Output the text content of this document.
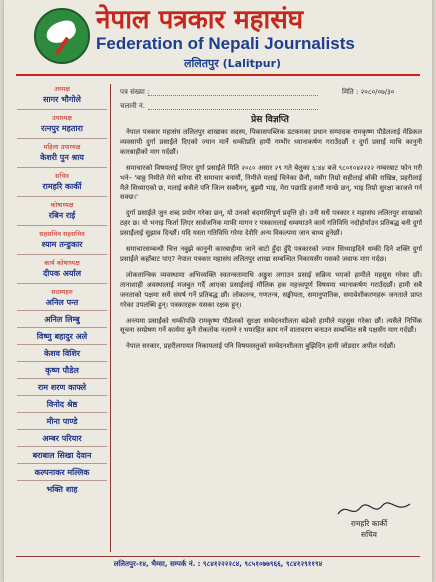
नेपाल पत्रकार महासंघ
Federation of Nepali Journalists
ललितपुर (Lalitpur)
अध्यक्ष
सागर भौगोले
उपाध्यक्ष
रत्नपुर महतारा
महिला उपाध्यक्ष
केशरी पुन श्राय
सचिव
रामहरि कार्की
कोषाध्यक्ष
रबिन राई
सहसचिव सहसचिव
श्याम तन्डुकार
कार्य कोषाध्यक्ष
दीपक अर्याल
सदस्यहरु
अनिल पन्त
अनिल लिम्बु
विष्णु बहादुर अले
केशव विशिर
कृष्ण पौडेल
राम शरण काफ्ले
विनोद श्रेष्ठ
मीना पाण्डे
अम्बर परियार
बराबाल सिखा देवान
कल्पनाकर मल्लिक
भक्ति शाह
पत्र संख्या :	मिति : २०८०/०७/३०
चलानी नं.
प्रेस विज्ञप्ति

नेपाल पत्रकार महासंघ ललितपुर शाखाका सदस्य, पिकासपब्लिक डटकमका प्रधान सम्पादक रामकृष्ण पौडेललाई मेडिकल व्यवसायी दुर्गा प्रसाईंले दिएको ज्यान मार्ने धम्कीप्रति हामी गम्भीर ध्यानाकर्षण गराउँदछौं र दुर्गा प्रसाईं माथि कानुनी कारबाहीको माग गर्दछौं।

समाचारको विषयलाई लिएर दुर्गा प्रसाईंले मिति २०८० असार २९ गते बेलुका ६:४४ बजे ९८०१०४२२२२ नम्बरबाट फोन गरी भने– 'बाठ्ठ निमीले मेरो बारेमा धेरै समाचार बनायौं, निमीले मलाई चिनेका छैनौ, मसँग तिम्रो सहीलाई बाँकी राखिन्न, प्रहरीलाई मैले सिध्याएको छ, मलाई कसैले पनि जित्न सक्दैनन्, बुझ्यौ भाइ, मेरा पछाडि हजारौं मान्छे छन्, भाइ तिम्रो सुरक्षा काजले गर्न सक्छ।'

दुर्गा प्रसाईंले जुन शब्द प्रयोग गरेका छन्, यो उनको बदमासिपूर्ण प्रवृत्ति हो। उनी सधैं पत्रकार र महासंघ ललितपुर शाखाको ठहर छ। यो भनाइ फिर्ता लिएर सार्वजनिक माफी मागन र पत्रकारलाई धम्क्याउने कार्य गतिविधि नदोहोर्याउन प्रतिबद्ध बनी दुर्गा प्रसाईंलाई सुझाव दिन्छौं। यदि यस्ता गतिविधि गरेमा देशैरि अन्य विकल्पमा जान बाध्य हुनेछौं।

समाचारसम्बन्धी चित्त नबुझे कानुनी कारबाहीमा जाने बाटो हुँदा हुँदै पत्रकारको ज्यान सिध्याइदिने धम्की दिने शक्ति दुर्गा प्रसाईंले कहाँबाट पाए? नेपाल पत्रकार महासंघ ललितपुर शाखा सम्बन्धित निकायसँग यसको जवाफ माग गर्दछ।

लोकतान्त्रिक व्यवस्थामा अभिव्यक्ति स्वतन्त्रतामाथि अङ्कुश लगाउन प्रसाई सक्रिय भएको हामीले महसुस गरेका छौं। तानाशाही अवस्थालाई मजबुत गर्दै आएका प्रसाईंलाई मौलिक हक महत्त्वपूर्ण विषयमा ध्यानाकर्षण गराउँदछौं। हामी सबै जनताको पक्षमा सधैं संघर्ष गर्ने प्रतिबद्ध छौं। लोकतन्त्र, गणतन्त्र, सङ्घीयता, समानुपातिक, समावेशीकरणहरू जनताले प्राप्त गरेका उपलब्धि हुन्। पत्रकारहरू यसका रक्षक हुन्।

अन्त्यमा प्रसाईंको धम्कीपछि रामकृष्ण पौडेलको सुरक्षा सम्वेदनशीलता बढेको हामीले महसुस गरेका छौं। त्यसैले निर्भिक सूचना सम्प्रेषण गर्ने कार्यमा कुनै रोकतोक नलाग्ने र भयरहित काम गर्ने वातावरण बनाउन सम्बन्धित सबै पक्षसँग माग गर्दछौं।

नेपाल सरकार, प्रहरीलगायत निकायलाई पनि विषयवस्तुको सम्वेदनशीलता बुझिदिन हामी जोडदार अपील गर्दछौं।

रामहरि कार्की
सचिव
ललितपुर-१४, भैम्सा, सम्पर्क नं. : ९८४१२२२२८४, ९८५१०७७९६६, ९८४१२९११९४
